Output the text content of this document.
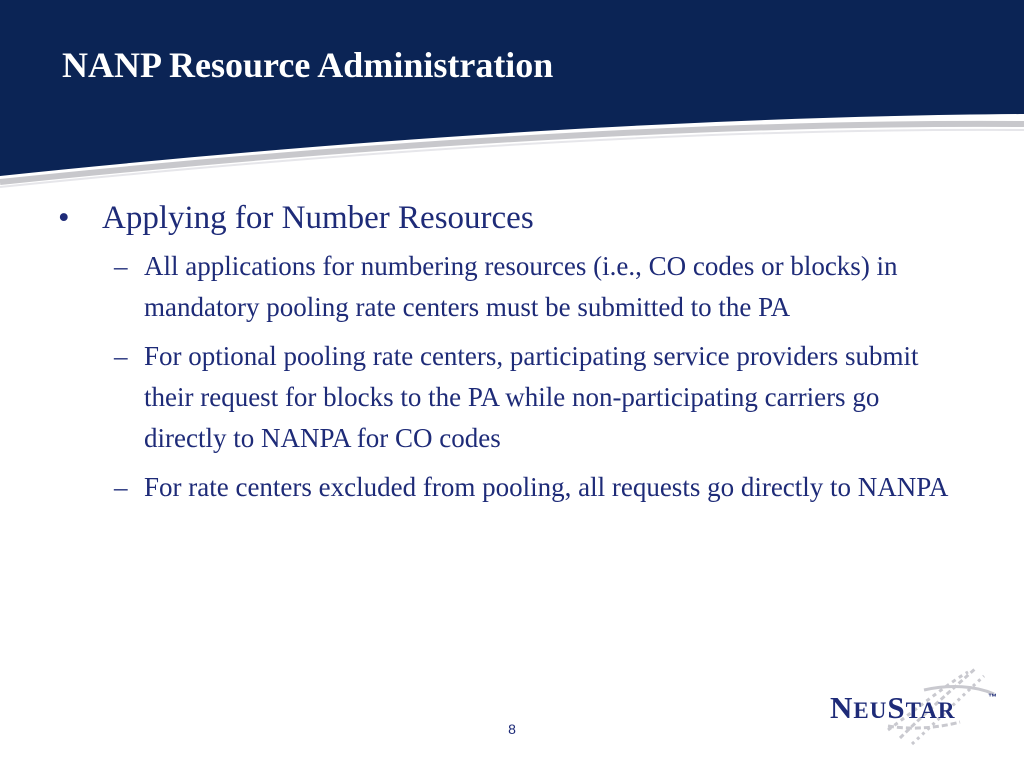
NANP Resource Administration
• Applying for Number Resources
– All applications for numbering resources (i.e., CO codes or blocks) in mandatory pooling rate centers must be submitted to the PA
– For optional pooling rate centers, participating service providers submit their request for blocks to the PA while non-participating carriers go directly to NANPA for CO codes
– For rate centers excluded from pooling, all requests go directly to NANPA
8
NEUSTAR
™
